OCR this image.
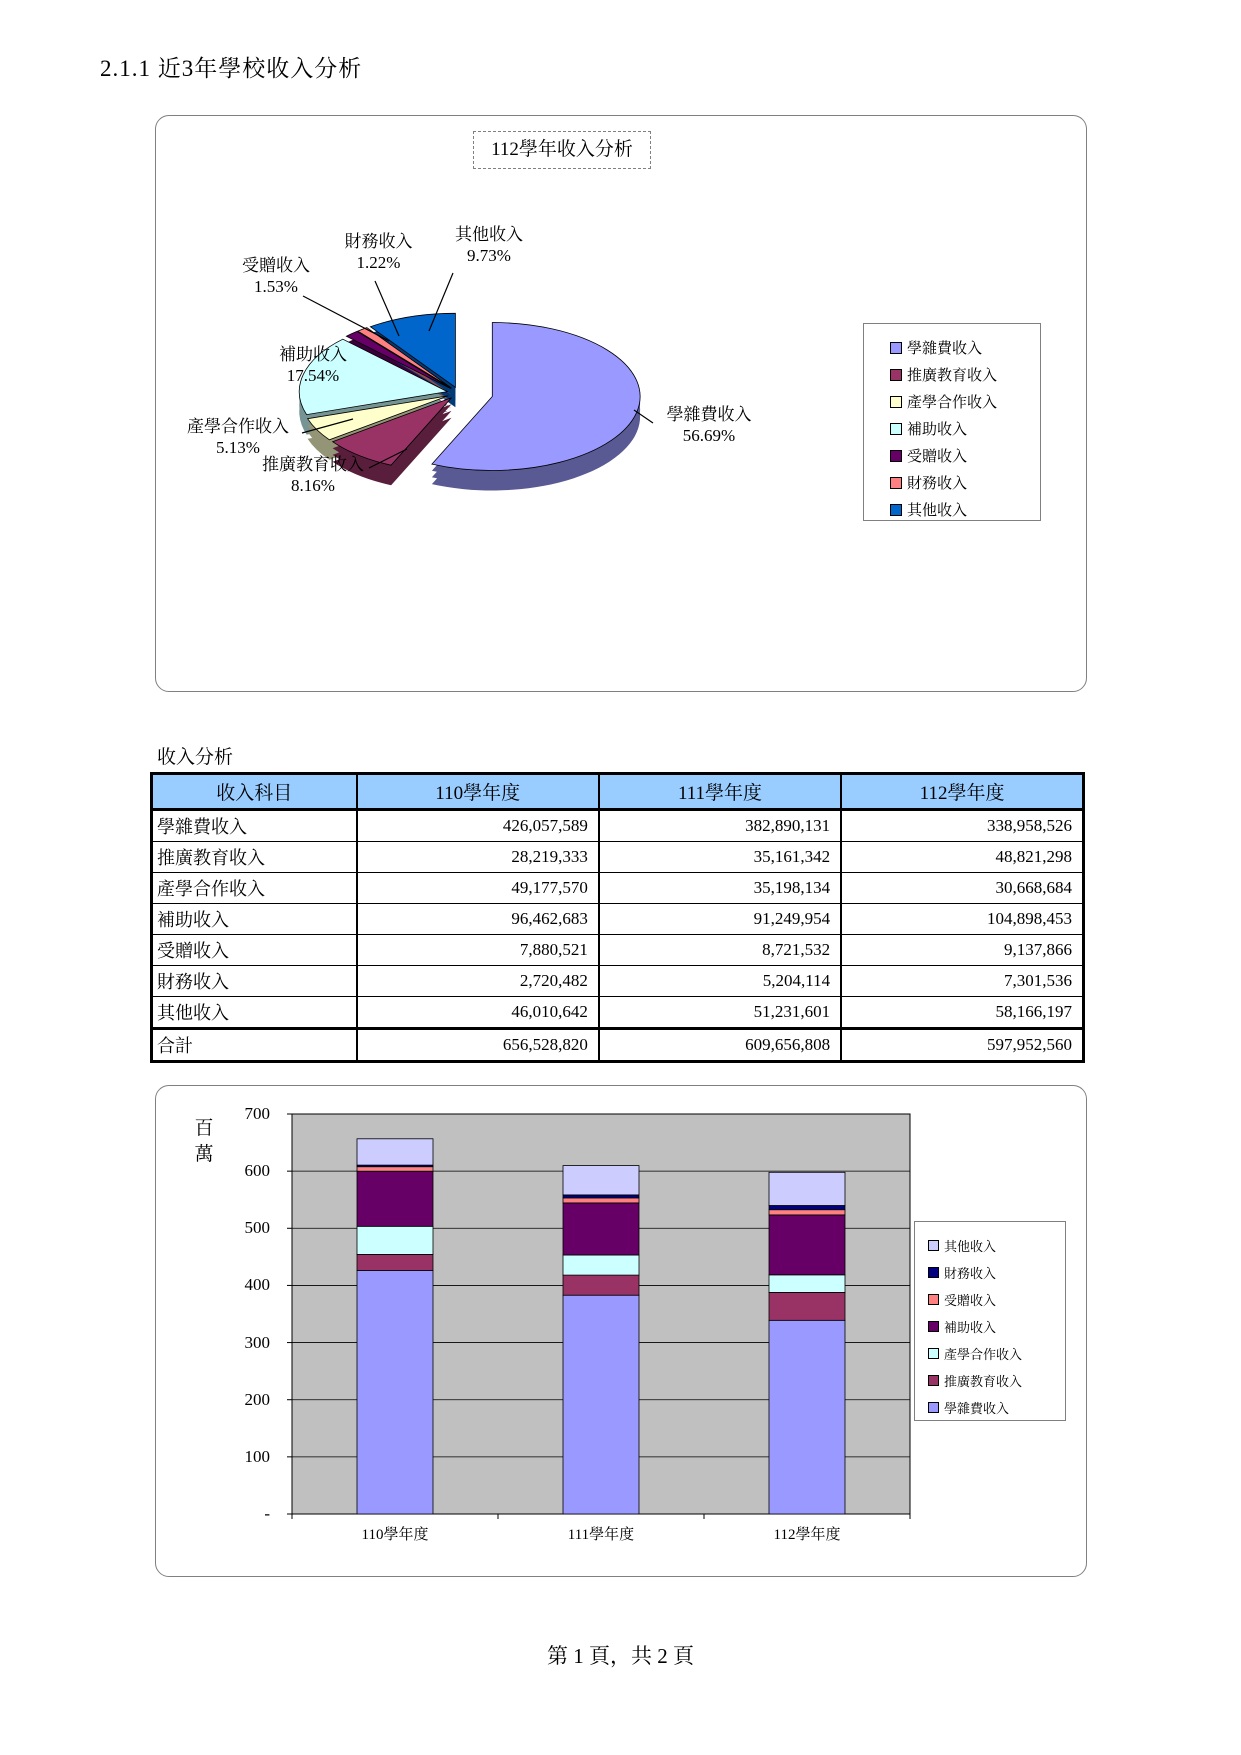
2.1.1 近3年學校收入分析
112學年收入分析
其他收入
9.73%
財務收入
1.22%
受贈收入
1.53%
補助收入
17.54%
產學合作收入
5.13%
推廣教育收入
8.16%
學雜費收入
56.69%
學雜費收入
推廣教育收入
產學合作收入
補助收入
受贈收入
財務收入
其他收入
收入分析
收入科目	110學年度	111學年度	112學年度
學雜費收入	426,057,589	382,890,131	338,958,526
推廣教育收入	28,219,333	35,161,342	48,821,298
產學合作收入	49,177,570	35,198,134	30,668,684
補助收入	96,462,683	91,249,954	104,898,453
受贈收入	7,880,521	8,721,532	9,137,866
財務收入	2,720,482	5,204,114	7,301,536
其他收入	46,010,642	51,231,601	58,166,197
合計	656,528,820	609,656,808	597,952,560
百萬
700
600
500
400
300
200
100
-
110學年度	111學年度	112學年度
其他收入
財務收入
受贈收入
補助收入
產學合作收入
推廣教育收入
學雜費收入
第 1 頁，共 2 頁
